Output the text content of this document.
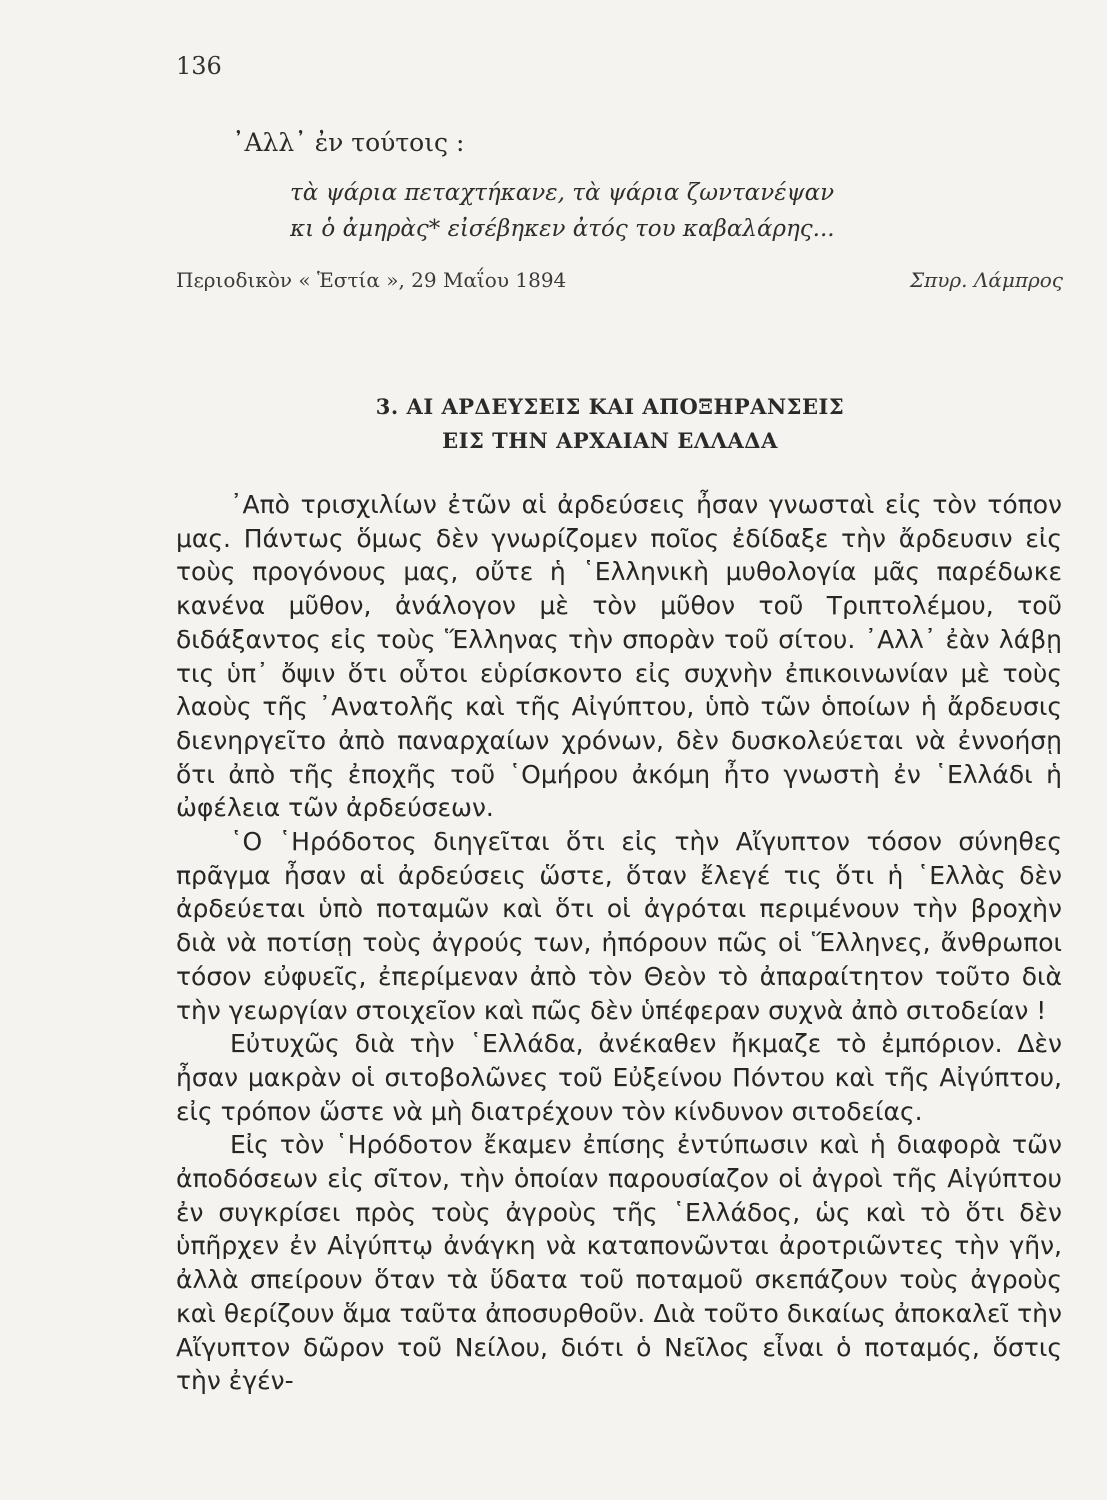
136
᾿Αλλ᾿ ἐν τούτοις :
τὰ ψάρια πεταχτήκανε, τὰ ψάρια ζωντανέψαν
κι ὁ ἀμηρὰς* εἰσέβηκεν ἀτός του καβαλάρης...
Περιοδικὸν « Ἑστία », 29 Μαΐου 1894	Σπυρ. Λάμπρος
3. ΑΙ ΑΡΔΕΥΣΕΙΣ ΚΑΙ ΑΠΟΞΗΡΑΝΣΕΙΣ
ΕΙΣ ΤΗΝ ΑΡΧΑΙΑΝ ΕΛΛΑΔΑ

᾿Απὸ τρισχιλίων ἐτῶν αἱ ἀρδεύσεις ἦσαν γνωσταὶ εἰς τὸν τόπον μας. Πάντως ὅμως δὲν γνωρίζομεν ποῖος ἐδίδαξε τὴν ἄρδευσιν εἰς τοὺς προγόνους μας, οὔτε ἡ ῾Ελληνικὴ μυθολογία μᾶς παρέδωκε κανένα μῦθον, ἀνάλογον μὲ τὸν μῦθον τοῦ Τριπτολέμου, τοῦ διδάξαντος εἰς τοὺς Ἕλληνας τὴν σπορὰν τοῦ σίτου. ᾿Αλλ᾿ ἐὰν λάβῃ τις ὑπ᾿ ὄψιν ὅτι οὗτοι εὑρίσκοντο εἰς συχνὴν ἐπικοινωνίαν μὲ τοὺς λαοὺς τῆς ᾿Ανατολῆς καὶ τῆς Αἰγύπτου, ὑπὸ τῶν ὁποίων ἡ ἄρδευσις διενηργεῖτο ἀπὸ παναρχαίων χρόνων, δὲν δυσκολεύεται νὰ ἐννοήσῃ ὅτι ἀπὸ τῆς ἐποχῆς τοῦ ῾Ομήρου ἀκόμη ἦτο γνωστὴ ἐν ῾Ελλάδι ἡ ὠφέλεια τῶν ἀρδεύσεων.

῾Ο ῾Ηρόδοτος διηγεῖται ὅτι εἰς τὴν Αἴγυπτον τόσον σύνηθες πρᾶγμα ἦσαν αἱ ἀρδεύσεις ὥστε, ὅταν ἔλεγέ τις ὅτι ἡ ῾Ελλὰς δὲν ἀρδεύεται ὑπὸ ποταμῶν καὶ ὅτι οἱ ἀγρόται περιμένουν τὴν βροχὴν διὰ νὰ ποτίσῃ τοὺς ἀγρούς των, ἠπόρουν πῶς οἱ Ἕλληνες, ἄνθρωποι τόσον εὐφυεῖς, ἐπερίμεναν ἀπὸ τὸν Θεὸν τὸ ἀπαραίτητον τοῦτο διὰ τὴν γεωργίαν στοιχεῖον καὶ πῶς δὲν ὑπέφεραν συχνὰ ἀπὸ σιτοδείαν !

Εὐτυχῶς διὰ τὴν ῾Ελλάδα, ἀνέκαθεν ἤκμαζε τὸ ἐμπόριον. Δὲν ἦσαν μακρὰν οἱ σιτοβολῶνες τοῦ Εὐξείνου Πόντου καὶ τῆς Αἰγύπτου, εἰς τρόπον ὥστε νὰ μὴ διατρέχουν τὸν κίνδυνον σιτοδείας.

Εἰς τὸν ῾Ηρόδοτον ἔκαμεν ἐπίσης ἐντύπωσιν καὶ ἡ διαφορὰ τῶν ἀποδόσεων εἰς σῖτον, τὴν ὁποίαν παρουσίαζον οἱ ἀγροὶ τῆς Αἰγύπτου ἐν συγκρίσει πρὸς τοὺς ἀγροὺς τῆς ῾Ελλάδος, ὡς καὶ τὸ ὅτι δὲν ὑπῆρχεν ἐν Αἰγύπτῳ ἀνάγκη νὰ καταπονῶνται ἀροτριῶντες τὴν γῆν, ἀλλὰ σπείρουν ὅταν τὰ ὕδατα τοῦ ποταμοῦ σκεπάζουν τοὺς ἀγροὺς καὶ θερίζουν ἅμα ταῦτα ἀποσυρθοῦν. Διὰ τοῦτο δικαίως ἀποκαλεῖ τὴν Αἴγυπτον δῶρον τοῦ Νείλου, διότι ὁ Νεῖλος εἶναι ὁ ποταμός, ὅστις τὴν ἐγέν-
